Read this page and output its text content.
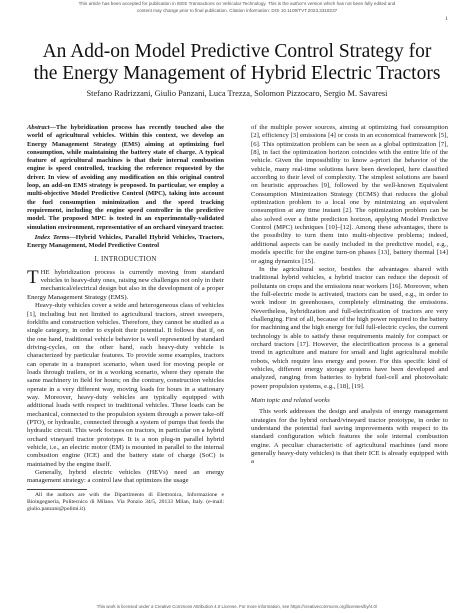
This article has been accepted for publication in IEEE Transactions on Vehicular Technology. This is the author's version which has not been fully edited and
content may change prior to final publication. Citation information: DOI 10.1109/TVT.2023.3318237
1
An Add-on Model Predictive Control Strategy for
the Energy Management of Hybrid Electric Tractors
Stefano Radrizzani, Giulio Panzani, Luca Trezza, Solomon Pizzocaro, Sergio M. Savaresi

Abstract—The hybridization process has recently touched also the world of agricultural vehicles. Within this context, we develop an Energy Management Strategy (EMS) aiming at optimizing fuel consumption, while maintaining the battery state of charge. A typical feature of agricultural machines is that their internal combustion engine is speed controlled, tracking the reference requested by the driver. In view of avoiding any modification on this original control loop, an add-on EMS strategy is proposed. In particular, we employ a multi-objective Model Predictive Control (MPC), taking into account the fuel consumption minimization and the speed tracking requirement, including the engine speed controller in the predictive model. The proposed MPC is tested in an experimentally-validated simulation environment, representative of an orchard vineyard tractor.

Index Terms—Hybrid Vehicles, Parallel Hybrid Vehicles, Tractors, Energy Management, Model Predictive Control

I. INTRODUCTION

THE hybridization process is currently moving from standard vehicles to heavy-duty ones, raising new challenges not only in their mechanical/electrical design but also in the development of a proper Energy Management Strategy (EMS).

Heavy-duty vehicles cover a wide and heterogeneous class of vehicles [1], including but not limited to agricultural tractors, street sweepers, forklifts and construction vehicles. Therefore, they cannot be studied as a single category, in order to exploit their potential. It follows that if, on the one hand, traditional vehicle behavior is well represented by standard driving-cycles, on the other hand, each heavy-duty vehicle is characterized by particular features. To provide some examples, tractors can operate in a transport scenario, when used for moving people or loads through trailers, or in a working scenario, where they operate the same machinery in field for hours; on the contrary, construction vehicles operate in a very different way, moving loads for hours in a stationary way. Moreover, heavy-duty vehicles are typically equipped with additional loads with respect to traditional vehicles. These loads can be mechanical, connected to the propulsion system through a power take-off (PTO), or hydraulic, connected through a system of pumps that feeds the hydraulic circuit. This work focuses on tractors, in particular on a hybrid orchard vineyard tractor prototype. It is a non plug-in parallel hybrid vehicle, i.e., an electric motor (EM) is mounted in parallel to the internal combustion engine (ICE) and the battery state of charge (SoC) is maintained by the engine itself.

Generally, hybrid electric vehicles (HEVs) need an energy management strategy: a control law that optimizes the usage

All the authors are with the Dipartimento di Elettronica, Informazione e Bioingegneria, Politecnico di Milano. Via Ponzio 34/5, 20133 Milan, Italy. (e-mail: giulio.panzani@polimi.it).

of the multiple power sources, aiming at optimizing fuel consumption [2], efficiency [3] emissions [4] or costs in an economical framework [5], [6]. This optimization problem can be seen as a global optimization [7], [8], in fact the optimization horizon coincides with the entire life of the vehicle. Given the impossibility to know a-priori the behavior of the vehicle, many real-time solutions have been developed, here classified according to their level of complexity. The simplest solutions are based on heuristic approaches [9], followed by the well-known Equivalent Consumption Minimization Strategy (ECMS) that reduces the global optimization problem to a local one by minimizing an equivalent consumption at any time instant [2]. The optimization problem can be also solved over a finite prediction horizon, applying Model Predictive Control (MPC) techniques [10]–[12]. Among these advantages, there is the possibility to turn them into multi-objective problems; indeed, additional aspects can be easily included in the predictive model, e.g., models specific for the engine turn-on phases [13], battery thermal [14] or aging dynamics [15].

In the agricultural sector, besides the advantages shared with traditional hybrid vehicles, a hybrid tractor can reduce the deposit of pollutants on crops and the emissions near workers [16]. Moreover, when the full-electric mode is activated, tractors can be used, e.g., in order to work indoor in greenhouses, completely eliminating the emissions. Nevertheless, hybridization and full-electrification of tractors are very challenging. First of all, because of the high power required to the battery for machining and the high energy for full full-electric cycles, the current technology is able to satisfy these requirements mainly for compact or orchard tractors [17]. However, the electrification process is a general trend in agriculture and mature for small and light agricultural mobile robots, which require less energy and power. For this specific kind of vehicles, different energy storage systems have been developed and analyzed, ranging from batteries to hybrid fuel-cell and photovoltaic power propulsion systems, e.g., [18], [19].

Main topic and related works

This work addresses the design and analysis of energy management strategies for the hybrid orchard/vineyard tractor prototype, in order to understand the potential fuel saving improvements with respect to its standard configuration which features the sole internal combustion engine. A peculiar characteristic of agricultural machines (and more generally heavy-duty vehicles) is that their ICE is already equipped with a

This work is licensed under a Creative Commons Attribution 4.0 License. For more information, see https://creativecommons.org/licenses/by/4.0/
